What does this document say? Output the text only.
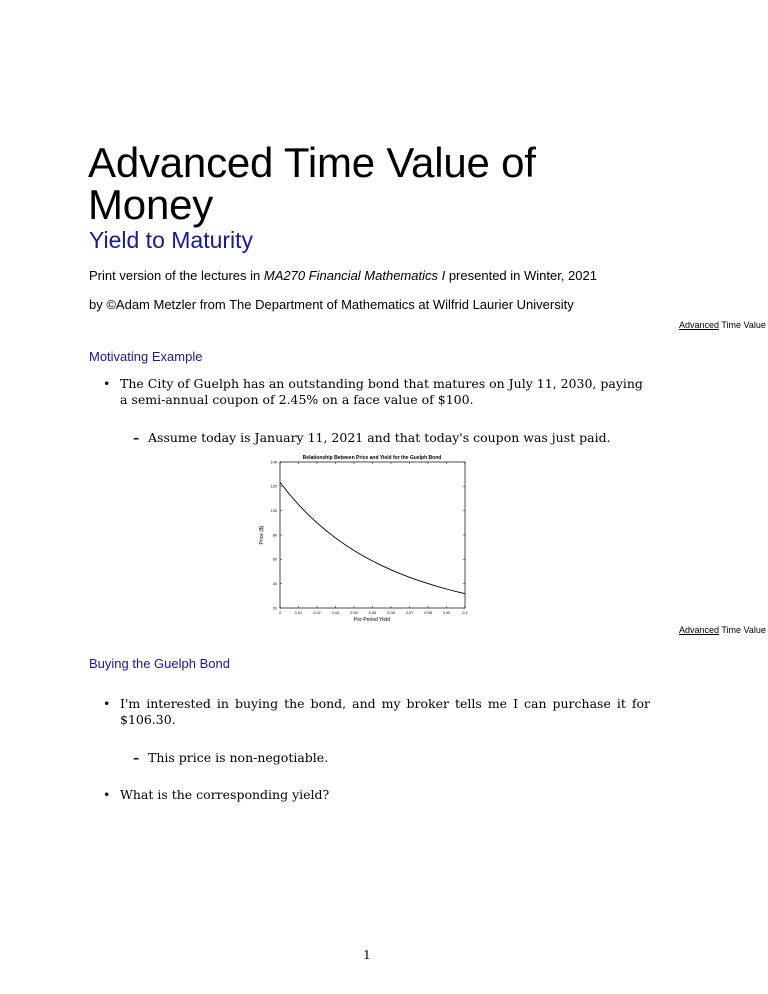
Advanced Time Value of Money
Yield to Maturity
Print version of the lectures in MA270 Financial Mathematics I presented in Winter, 2021
by ©Adam Metzler from The Department of Mathematics at Wilfrid Laurier University
Advanced Time Value
Motivating Example
• The City of Guelph has an outstanding bond that matures on July 11, 2030, paying a semi-annual coupon of 2.45% on a face value of $100.
– Assume today is January 11, 2021 and that today's coupon was just paid.
Relationship Between Price and Yield for the Guelph Bond
0	0.01	0.02	0.03	0.04	0.05	0.06	0.07	0.08	0.09	0.1
20
40
60
80
100
120
140
Per-Period Yield
Price ($)
Advanced Time Value
Buying the Guelph Bond
• I'm interested in buying the bond, and my broker tells me I can purchase it for $106.30.
– This price is non-negotiable.
• What is the corresponding yield?
1
